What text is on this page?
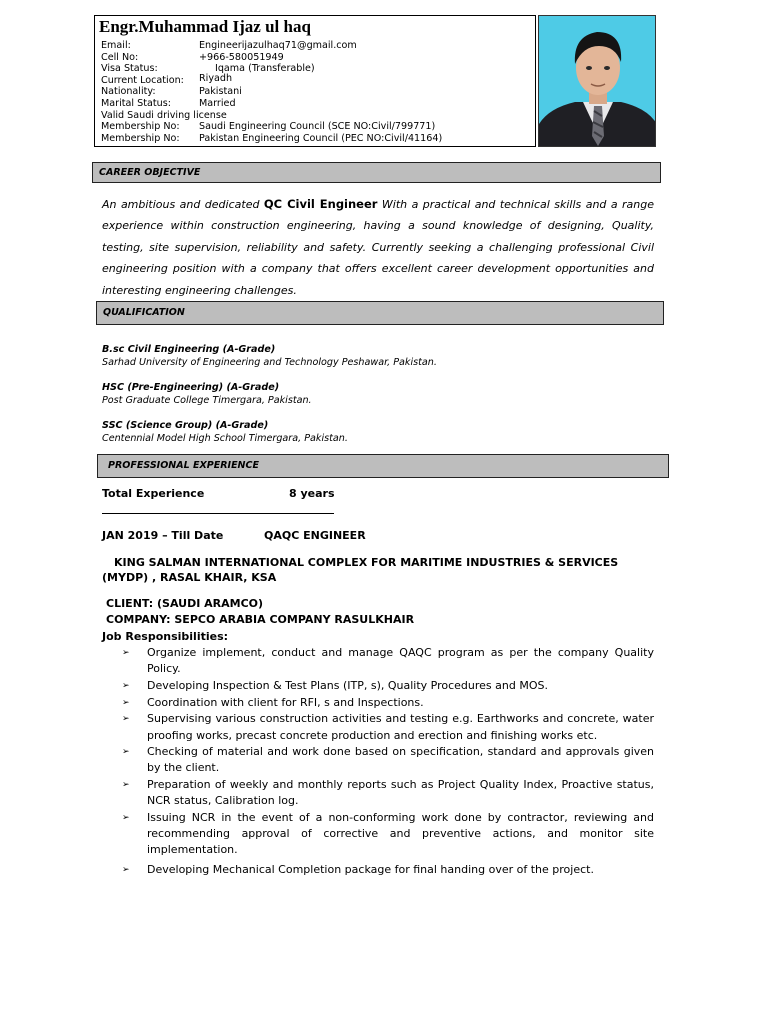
Engr.Muhammad Ijaz ul haq
Email:	Engineerijazulhaq71@gmail.com
Cell No:	+966-580051949
Visa Status:	Iqama (Transferable)
Current Location: Riyadh
Nationality:	Pakistani
Marital Status:	Married
Valid Saudi driving license
Membership No: Saudi Engineering Council (SCE NO:Civil/799771)
Membership No: Pakistan Engineering Council (PEC NO:Civil/41164)
CAREER OBJECTIVE
An ambitious and dedicated QC Civil Engineer With a practical and technical skills and a range experience within construction engineering, having a sound knowledge of designing, Quality, testing, site supervision, reliability and safety. Currently seeking a challenging professional Civil engineering position with a company that offers excellent career development opportunities and interesting engineering challenges.
QUALIFICATION
B.sc Civil Engineering (A-Grade)
Sarhad University of Engineering and Technology Peshawar, Pakistan.
HSC (Pre-Engineering) (A-Grade)
Post Graduate College Timergara, Pakistan.
SSC (Science Group) (A-Grade)
Centennial Model High School Timergara, Pakistan.
PROFESSIONAL EXPERIENCE
Total Experience	8 years
JAN 2019 – Till Date	QAQC ENGINEER
KING SALMAN INTERNATIONAL COMPLEX FOR MARITIME INDUSTRIES & SERVICES
(MYDP) , RASAL KHAIR, KSA
CLIENT: (SAUDI ARAMCO)
COMPANY: SEPCO ARABIA COMPANY RASULKHAIR
Job Responsibilities:
➢ Organize implement, conduct and manage QAQC program as per the company Quality Policy.
➢ Developing Inspection & Test Plans (ITP, s), Quality Procedures and MOS.
➢ Coordination with client for RFI, s and Inspections.
➢ Supervising various construction activities and testing e.g. Earthworks and concrete, water proofing works, precast concrete production and erection and finishing works etc.
➢ Checking of material and work done based on specification, standard and approvals given by the client.
➢ Preparation of weekly and monthly reports such as Project Quality Index, Proactive status, NCR status, Calibration log.
➢ Issuing NCR in the event of a non-conforming work done by contractor, reviewing and recommending approval of corrective and preventive actions, and monitor site implementation.
➢ Developing Mechanical Completion package for final handing over of the project.
